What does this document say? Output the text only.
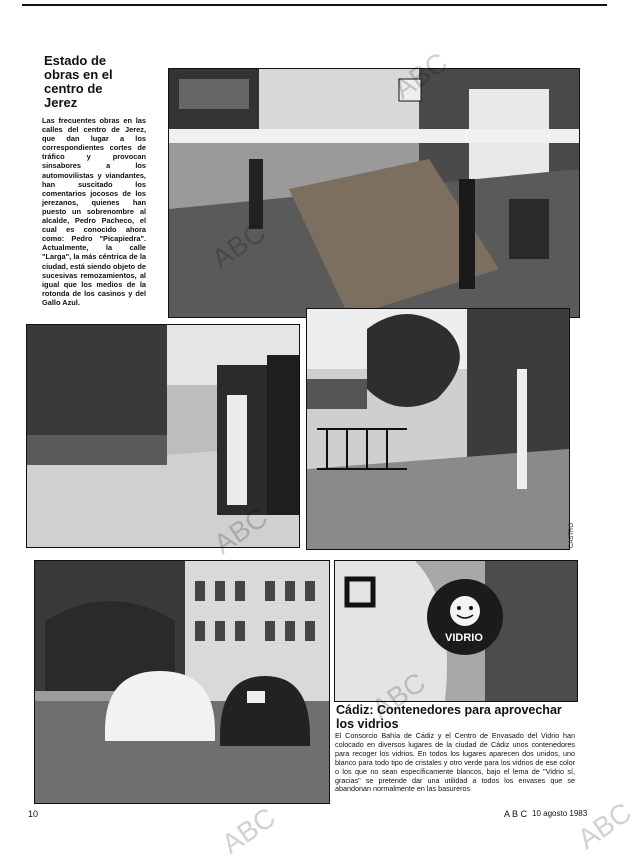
Estado de obras en el centro de Jerez
Las frecuentes obras en las calles del centro de Jerez, que dan lugar a los correspondientes cortes de tráfico y provocan sinsabores a los automovilistas y viandantes, han suscitado los comentarios jocosos de los jerezanos, quienes han puesto un sobrenombre al alcalde, Pedro Pacheco, el cual es conocido ahora como: Pedro "Picapiedra". Actualmente, la calle "Larga", la más céntrica de la ciudad, está siendo objeto de sucesivas remozamientos, al igual que los medios de la rotonda de los casinos y del Gallo Azul.
CASTRO
VIDRIO
Cádiz: Contenedores para aprovechar los vidrios
El Consorcio Bahía de Cádiz y el Centro de Envasado del Vidrio han colocado en diversos lugares de la ciudad de Cádiz unos contenedores para recoger los vidrios. En todos los lugares aparecen dos unidos, uno blanco para todo tipo de cristales y otro verde para los vidrios de ese color o los que no sean específicamente blancos, bajo el lema de "Vidrio sí, gracias" se pretende dar una utilidad a todos los envases que se abandonan normalmente en las basureros
10	A B C 10 agosto 1983
ABC	ABC
